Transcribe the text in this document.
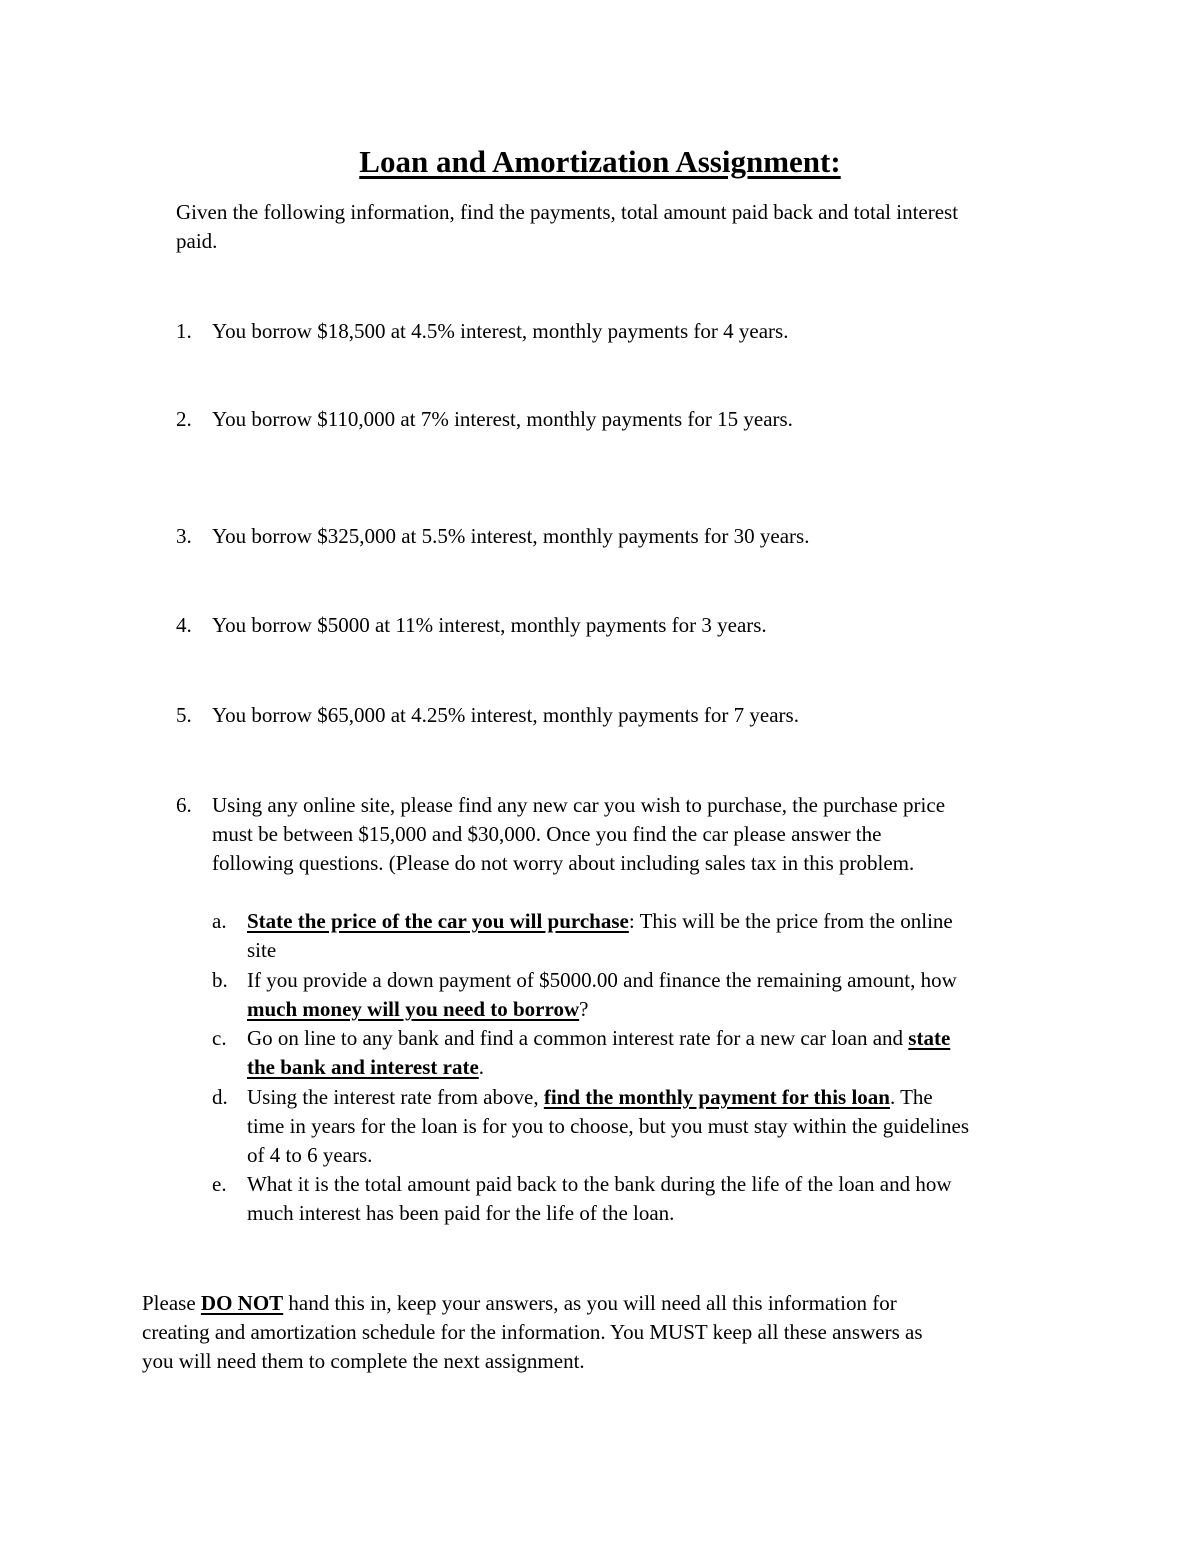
Loan and Amortization Assignment:
Given the following information, find the payments, total amount paid back and total interest
paid.
1. You borrow $18,500 at 4.5% interest, monthly payments for 4 years.
2. You borrow $110,000 at 7% interest, monthly payments for 15 years.
3. You borrow $325,000 at 5.5% interest, monthly payments for 30 years.
4. You borrow $5000 at 11% interest, monthly payments for 3 years.
5. You borrow $65,000 at 4.25% interest, monthly payments for 7 years.
6. Using any online site, please find any new car you wish to purchase, the purchase price
must be between $15,000 and $30,000. Once you find the car please answer the
following questions. (Please do not worry about including sales tax in this problem.
a. State the price of the car you will purchase: This will be the price from the online
site
b. If you provide a down payment of $5000.00 and finance the remaining amount, how
much money will you need to borrow?
c. Go on line to any bank and find a common interest rate for a new car loan and state
the bank and interest rate.
d. Using the interest rate from above, find the monthly payment for this loan. The
time in years for the loan is for you to choose, but you must stay within the guidelines
of 4 to 6 years.
e. What it is the total amount paid back to the bank during the life of the loan and how
much interest has been paid for the life of the loan.
Please DO NOT hand this in, keep your answers, as you will need all this information for
creating and amortization schedule for the information. You MUST keep all these answers as
you will need them to complete the next assignment.
